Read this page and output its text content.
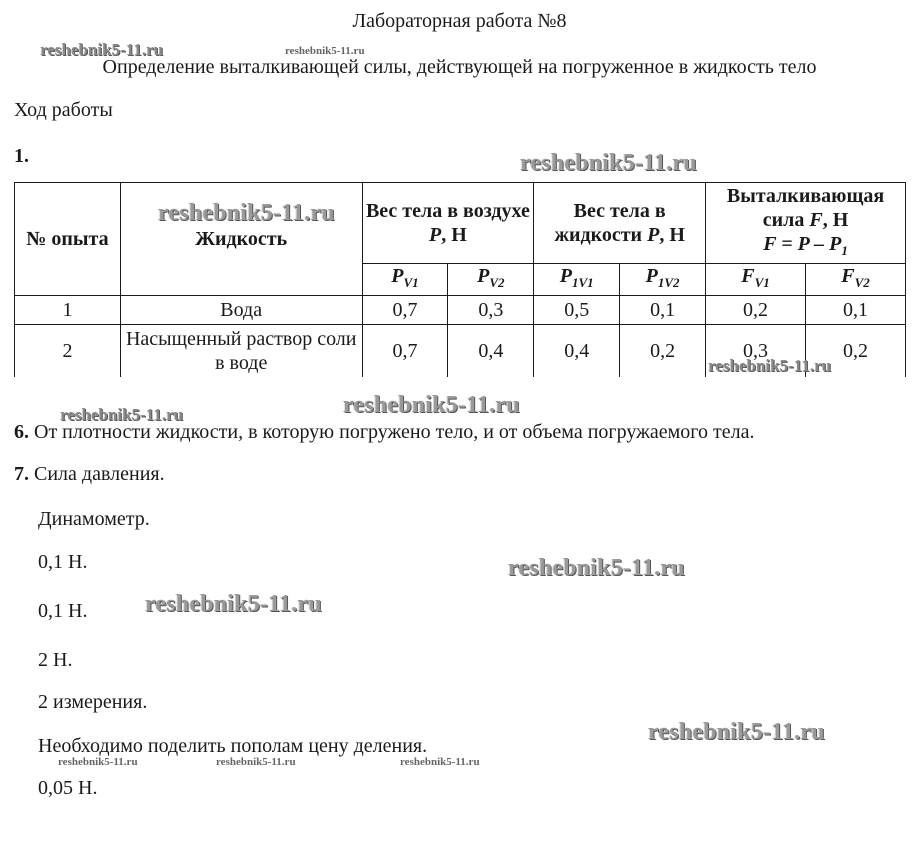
Лабораторная работа №8
Определение выталкивающей силы, действующей на погруженное в жидкость тело
Ход работы
1.
№ опыта	Жидкость	Вес тела в воздухе P, Н		Вес тела в жидкости P, Н		Выталкивающая сила F, Н
$F = P - P_1$
		$P_{V1}$	$P_{V2}$	$P_{1V1}$	$P_{1V2}$	$F_{V1}$	$F_{V2}$
1	Вода	0,7	0,3	0,5	0,1	0,2	0,1
2	Насыщенный раствор соли в воде	0,7	0,4	0,4	0,2	0,3	0,2
6. От плотности жидкости, в которую погружено тело, и от объема погружаемого тела.
7. Сила давления.
Динамометр.
0,1 Н.
0,1 Н.
2 Н.
2 измерения.
Необходимо поделить пополам цену деления.
0,05 Н.
reshebnik5-11.ru	reshebnik5-11.ru
reshebnik5-11.ru
reshebnik5-11.ru
reshebnik5-11.ru
reshebnik5-11.ru	reshebnik5-11.ru
reshebnik5-11.ru
reshebnik5-11.ru
reshebnik5-11.ru
reshebnik5-11.ru	reshebnik5-11.ru	reshebnik5-11.ru
